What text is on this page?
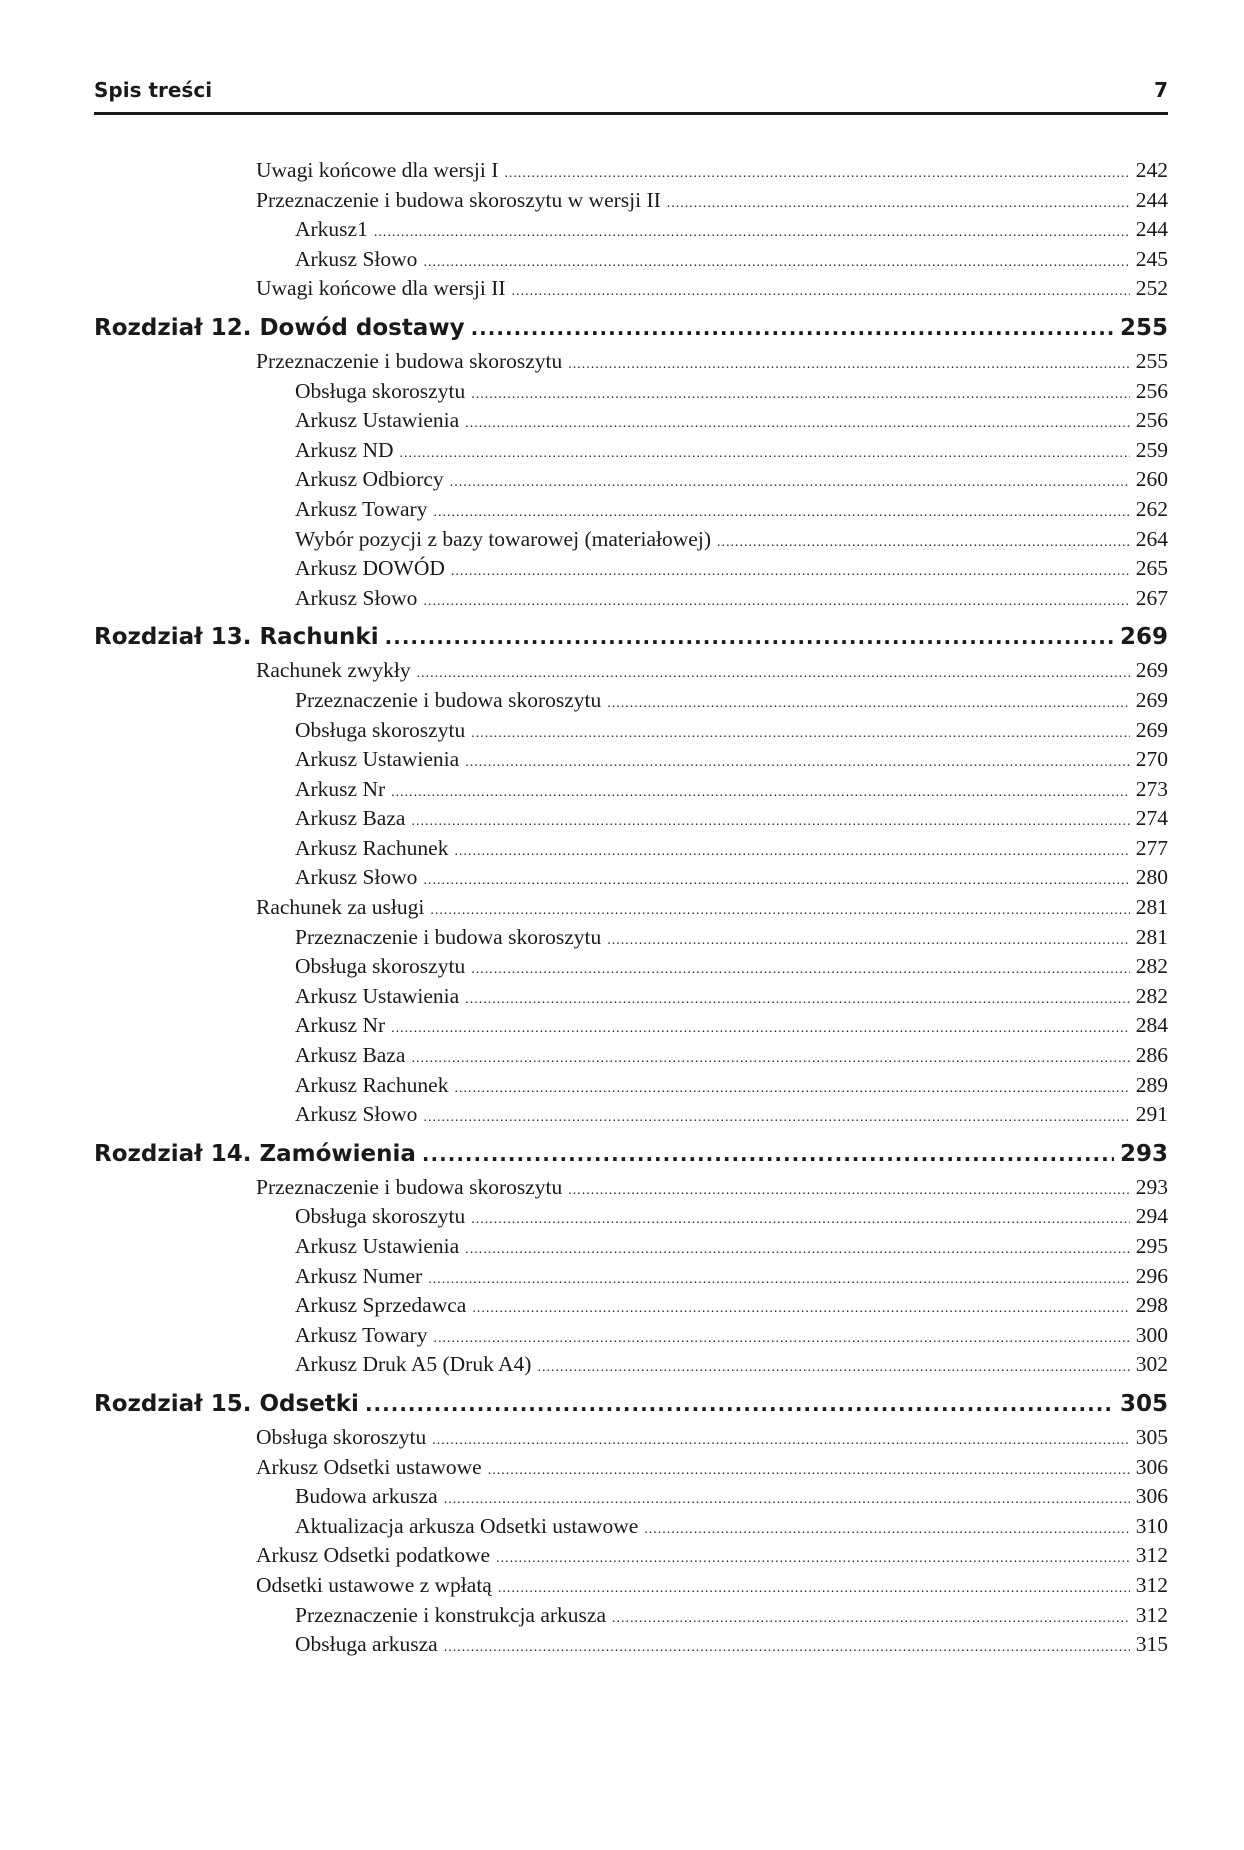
Spis treści	7
Uwagi końcowe dla wersji I .....	242
Przeznaczenie i budowa skoroszytu w wersji II .....	244
Arkusz1 .....	244
Arkusz Słowo .....	245
Uwagi końcowe dla wersji II .....	252
Rozdział 12. Dowód dostawy .....	255
Przeznaczenie i budowa skoroszytu .....	255
Obsługa skoroszytu .....	256
Arkusz Ustawienia .....	256
Arkusz ND .....	259
Arkusz Odbiorcy .....	260
Arkusz Towary .....	262
Wybór pozycji z bazy towarowej (materiałowej) .....	264
Arkusz DOWÓD .....	265
Arkusz Słowo .....	267
Rozdział 13. Rachunki .....	269
Rachunek zwykły .....	269
Przeznaczenie i budowa skoroszytu .....	269
Obsługa skoroszytu .....	269
Arkusz Ustawienia .....	270
Arkusz Nr .....	273
Arkusz Baza .....	274
Arkusz Rachunek .....	277
Arkusz Słowo .....	280
Rachunek za usługi .....	281
Przeznaczenie i budowa skoroszytu .....	281
Obsługa skoroszytu .....	282
Arkusz Ustawienia .....	282
Arkusz Nr .....	284
Arkusz Baza .....	286
Arkusz Rachunek .....	289
Arkusz Słowo .....	291
Rozdział 14. Zamówienia .....	293
Przeznaczenie i budowa skoroszytu .....	293
Obsługa skoroszytu .....	294
Arkusz Ustawienia .....	295
Arkusz Numer .....	296
Arkusz Sprzedawca .....	298
Arkusz Towary .....	300
Arkusz Druk A5 (Druk A4) .....	302
Rozdział 15. Odsetki .....	305
Obsługa skoroszytu .....	305
Arkusz Odsetki ustawowe .....	306
Budowa arkusza .....	306
Aktualizacja arkusza Odsetki ustawowe .....	310
Arkusz Odsetki podatkowe .....	312
Odsetki ustawowe z wpłatą .....	312
Przeznaczenie i konstrukcja arkusza .....	312
Obsługa arkusza .....	315
